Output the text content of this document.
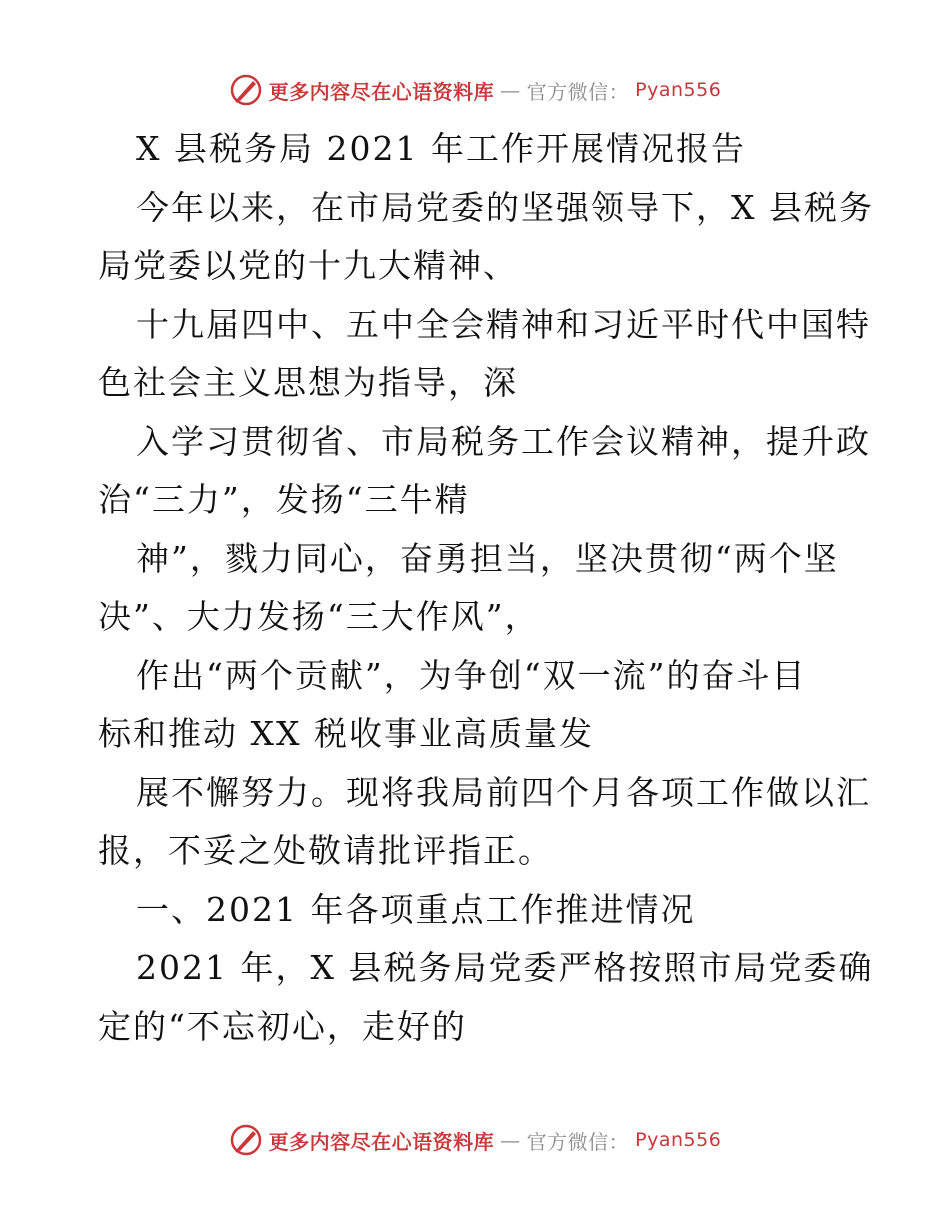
更多内容尽在心语资料库 — 官方微信： Pyan556
X 县税务局 2021 年工作开展情况报告
今年以来，在市局党委的坚强领导下，X 县税务
局党委以党的十九大精神、
十九届四中、五中全会精神和习近平时代中国特
色社会主义思想为指导，深
入学习贯彻省、市局税务工作会议精神，提升政
治“三力”，发扬“三牛精
神”，戮力同心，奋勇担当，坚决贯彻“两个坚
决”、大力发扬“三大作风”，
作出“两个贡献”，为争创“双一流”的奋斗目
标和推动 XX 税收事业高质量发
展不懈努力。现将我局前四个月各项工作做以汇
报，不妥之处敬请批评指正。
一、2021 年各项重点工作推进情况
2021 年，X 县税务局党委严格按照市局党委确
定的“不忘初心，走好的
更多内容尽在心语资料库 — 官方微信： Pyan556
